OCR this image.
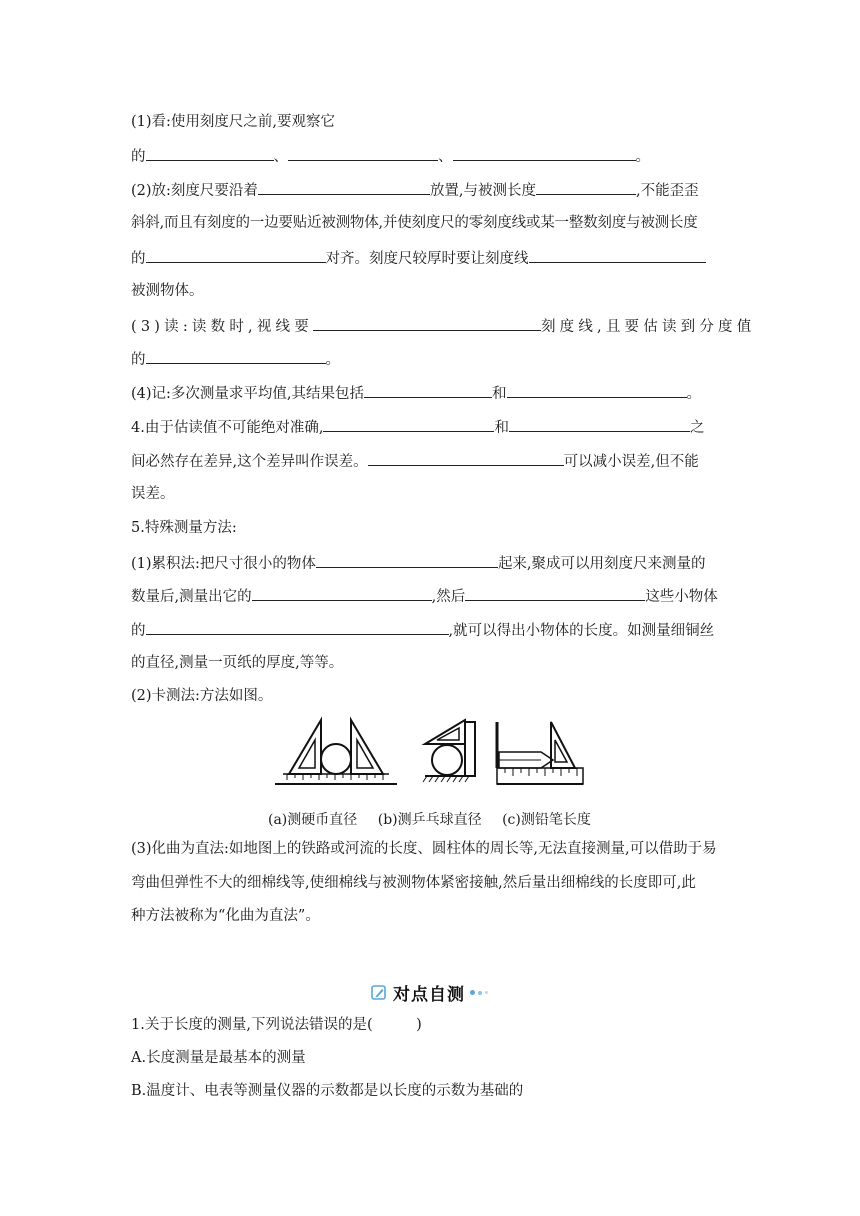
(1)看:使用刻度尺之前,要观察它
的	、	、	。
(2)放:刻度尺要沿着	放置,与被测长度	,不能歪歪
斜斜,而且有刻度的一边要贴近被测物体,并使刻度尺的零刻度线或某一整数刻度与被测长度
的	对齐。刻度尺较厚时要让刻度线
被测物体。
(3)读:读数时,视线要	刻度线,且要估读到分度值
的	。
(4)记:多次测量求平均值,其结果包括	和	。
4.由于估读值不可能绝对准确,	和	之
间必然存在差异,这个差异叫作误差。	可以减小误差,但不能
误差。
5.特殊测量方法:
(1)累积法:把尺寸很小的物体	起来,聚成可以用刻度尺来测量的
数量后,测量出它的	,然后	这些小物体
的	,就可以得出小物体的长度。如测量细铜丝
的直径,测量一页纸的厚度,等等。
(2)卡测法:方法如图。
(a)测硬币直径 (b)测乒乓球直径 (c)测铅笔长度
(3)化曲为直法:如地图上的铁路或河流的长度、圆柱体的周长等,无法直接测量,可以借助于易
弯曲但弹性不大的细棉线等,使细棉线与被测物体紧密接触,然后量出细棉线的长度即可,此
种方法被称为“化曲为直法”。
对点自测
1.关于长度的测量,下列说法错误的是(　　　)
A.长度测量是最基本的测量
B.温度计、电表等测量仪器的示数都是以长度的示数为基础的
